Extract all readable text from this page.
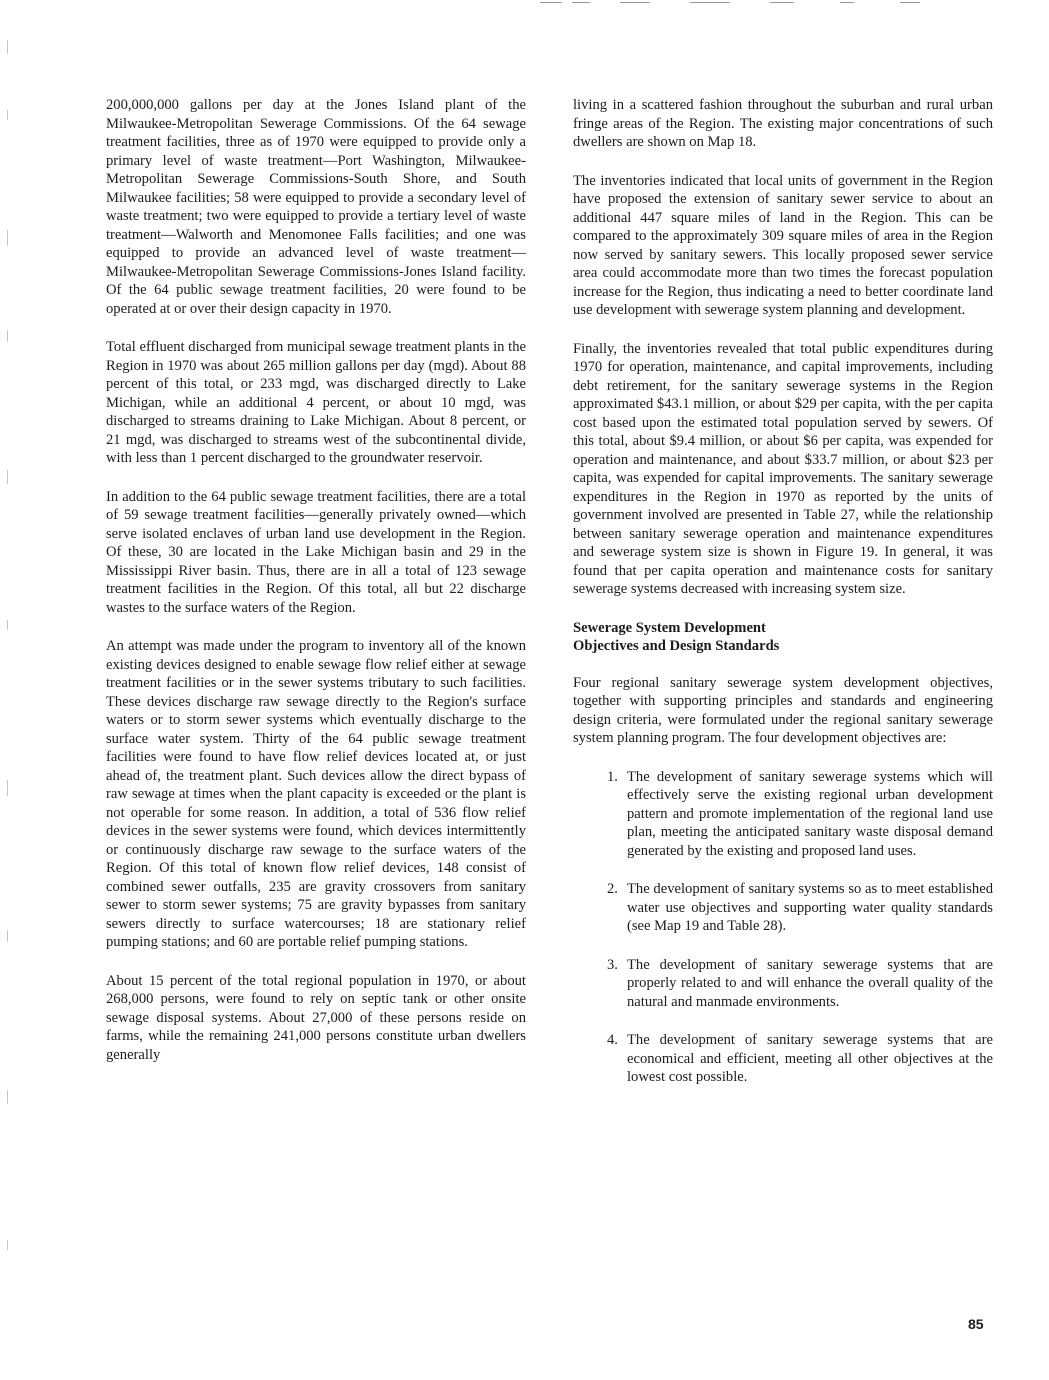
200,000,000 gallons per day at the Jones Island plant of the Milwaukee-Metropolitan Sewerage Commissions. Of the 64 sewage treatment facilities, three as of 1970 were equipped to provide only a primary level of waste treatment—Port Washington, Milwaukee-Metropolitan Sewerage Commissions-South Shore, and South Milwaukee facilities; 58 were equipped to provide a secondary level of waste treatment; two were equipped to provide a tertiary level of waste treatment—Walworth and Menomonee Falls facilities; and one was equipped to provide an advanced level of waste treatment—Milwaukee-Metropolitan Sewerage Commissions-Jones Island facility. Of the 64 public sewage treatment facilities, 20 were found to be operated at or over their design capacity in 1970.

Total effluent discharged from municipal sewage treatment plants in the Region in 1970 was about 265 million gallons per day (mgd). About 88 percent of this total, or 233 mgd, was discharged directly to Lake Michigan, while an additional 4 percent, or about 10 mgd, was discharged to streams draining to Lake Michigan. About 8 percent, or 21 mgd, was discharged to streams west of the subcontinental divide, with less than 1 percent discharged to the groundwater reservoir.

In addition to the 64 public sewage treatment facilities, there are a total of 59 sewage treatment facilities—generally privately owned—which serve isolated enclaves of urban land use development in the Region. Of these, 30 are located in the Lake Michigan basin and 29 in the Mississippi River basin. Thus, there are in all a total of 123 sewage treatment facilities in the Region. Of this total, all but 22 discharge wastes to the surface waters of the Region.

An attempt was made under the program to inventory all of the known existing devices designed to enable sewage flow relief either at sewage treatment facilities or in the sewer systems tributary to such facilities. These devices discharge raw sewage directly to the Region's surface waters or to storm sewer systems which eventually discharge to the surface water system. Thirty of the 64 public sewage treatment facilities were found to have flow relief devices located at, or just ahead of, the treatment plant. Such devices allow the direct bypass of raw sewage at times when the plant capacity is exceeded or the plant is not operable for some reason. In addition, a total of 536 flow relief devices in the sewer systems were found, which devices intermittently or continuously discharge raw sewage to the surface waters of the Region. Of this total of known flow relief devices, 148 consist of combined sewer outfalls, 235 are gravity crossovers from sanitary sewer to storm sewer systems; 75 are gravity bypasses from sanitary sewers directly to surface watercourses; 18 are stationary relief pumping stations; and 60 are portable relief pumping stations.

About 15 percent of the total regional population in 1970, or about 268,000 persons, were found to rely on septic tank or other onsite sewage disposal systems. About 27,000 of these persons reside on farms, while the remaining 241,000 persons constitute urban dwellers generally

living in a scattered fashion throughout the suburban and rural urban fringe areas of the Region. The existing major concentrations of such dwellers are shown on Map 18.

The inventories indicated that local units of government in the Region have proposed the extension of sanitary sewer service to about an additional 447 square miles of land in the Region. This can be compared to the approximately 309 square miles of area in the Region now served by sanitary sewers. This locally proposed sewer service area could accommodate more than two times the forecast population increase for the Region, thus indicating a need to better coordinate land use development with sewerage system planning and development.

Finally, the inventories revealed that total public expenditures during 1970 for operation, maintenance, and capital improvements, including debt retirement, for the sanitary sewerage systems in the Region approximated $43.1 million, or about $29 per capita, with the per capita cost based upon the estimated total population served by sewers. Of this total, about $9.4 million, or about $6 per capita, was expended for operation and maintenance, and about $33.7 million, or about $23 per capita, was expended for capital improvements. The sanitary sewerage expenditures in the Region in 1970 as reported by the units of government involved are presented in Table 27, while the relationship between sanitary sewerage operation and maintenance expenditures and sewerage system size is shown in Figure 19. In general, it was found that per capita operation and maintenance costs for sanitary sewerage systems decreased with increasing system size.

Sewerage System Development
Objectives and Design Standards

Four regional sanitary sewerage system development objectives, together with supporting principles and standards and engineering design criteria, were formulated under the regional sanitary sewerage system planning program. The four development objectives are:

1. The development of sanitary sewerage systems which will effectively serve the existing regional urban development pattern and promote implementation of the regional land use plan, meeting the anticipated sanitary waste disposal demand generated by the existing and proposed land uses.

2. The development of sanitary systems so as to meet established water use objectives and supporting water quality standards (see Map 19 and Table 28).

3. The development of sanitary sewerage systems that are properly related to and will enhance the overall quality of the natural and manmade environments.

4. The development of sanitary sewerage systems that are economical and efficient, meeting all other objectives at the lowest cost possible.

85
